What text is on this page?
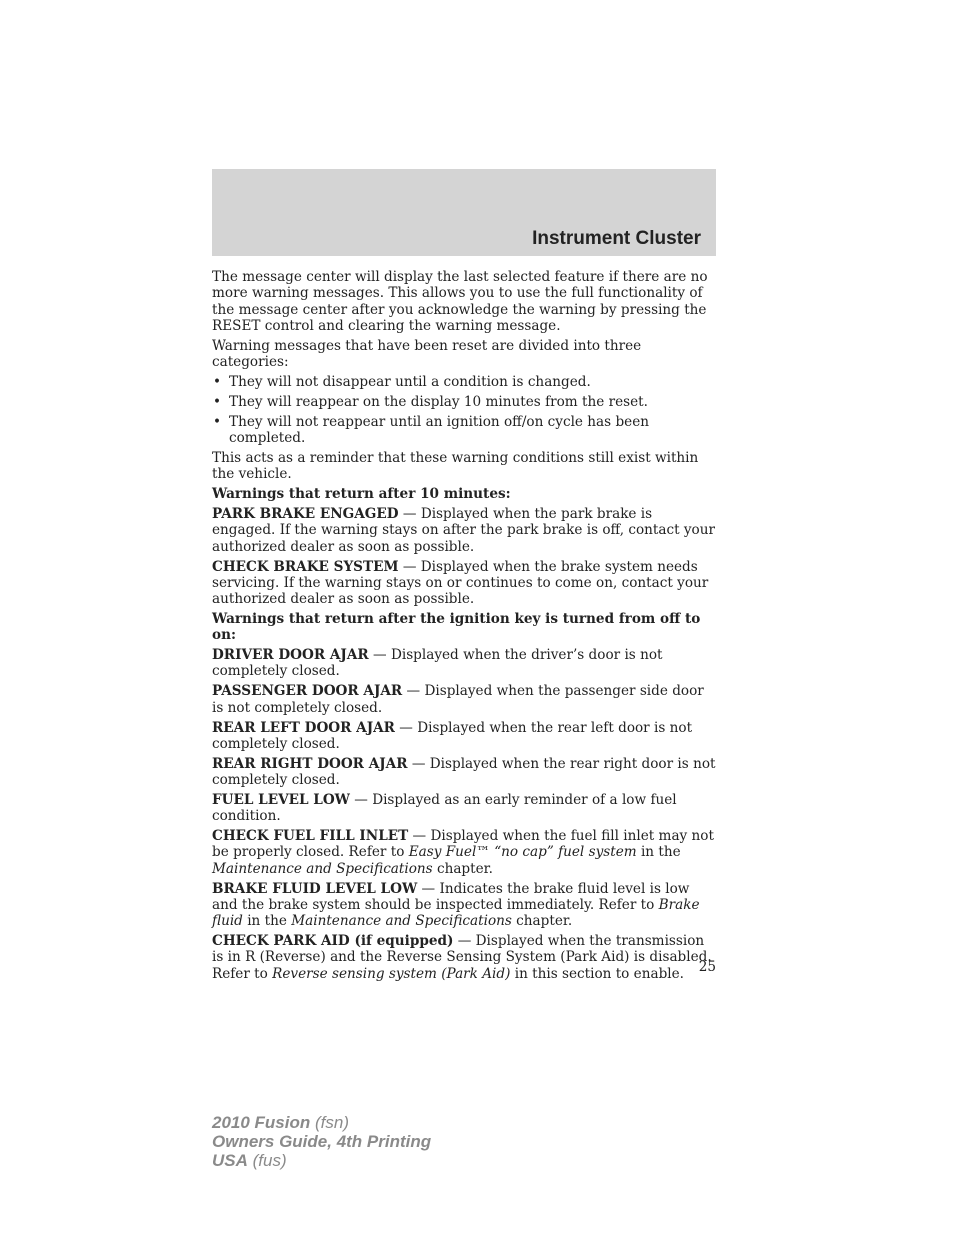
Instrument Cluster

The message center will display the last selected feature if there are no more warning messages. This allows you to use the full functionality of the message center after you acknowledge the warning by pressing the RESET control and clearing the warning message.

Warning messages that have been reset are divided into three categories:

• They will not disappear until a condition is changed.
• They will reappear on the display 10 minutes from the reset.
• They will not reappear until an ignition off/on cycle has been completed.

This acts as a reminder that these warning conditions still exist within the vehicle.

Warnings that return after 10 minutes:

PARK BRAKE ENGAGED — Displayed when the park brake is engaged. If the warning stays on after the park brake is off, contact your authorized dealer as soon as possible.

CHECK BRAKE SYSTEM — Displayed when the brake system needs servicing. If the warning stays on or continues to come on, contact your authorized dealer as soon as possible.

Warnings that return after the ignition key is turned from off to on:

DRIVER DOOR AJAR — Displayed when the driver’s door is not completely closed.

PASSENGER DOOR AJAR — Displayed when the passenger side door is not completely closed.

REAR LEFT DOOR AJAR — Displayed when the rear left door is not completely closed.

REAR RIGHT DOOR AJAR — Displayed when the rear right door is not completely closed.

FUEL LEVEL LOW — Displayed as an early reminder of a low fuel condition.

CHECK FUEL FILL INLET — Displayed when the fuel fill inlet may not be properly closed. Refer to Easy Fuel™ “no cap” fuel system in the Maintenance and Specifications chapter.

BRAKE FLUID LEVEL LOW — Indicates the brake fluid level is low and the brake system should be inspected immediately. Refer to Brake fluid in the Maintenance and Specifications chapter.

CHECK PARK AID (if equipped) — Displayed when the transmission is in R (Reverse) and the Reverse Sensing System (Park Aid) is disabled. Refer to Reverse sensing system (Park Aid) in this section to enable.	25
2010 Fusion (fsn)
Owners Guide, 4th Printing
USA (fus)
